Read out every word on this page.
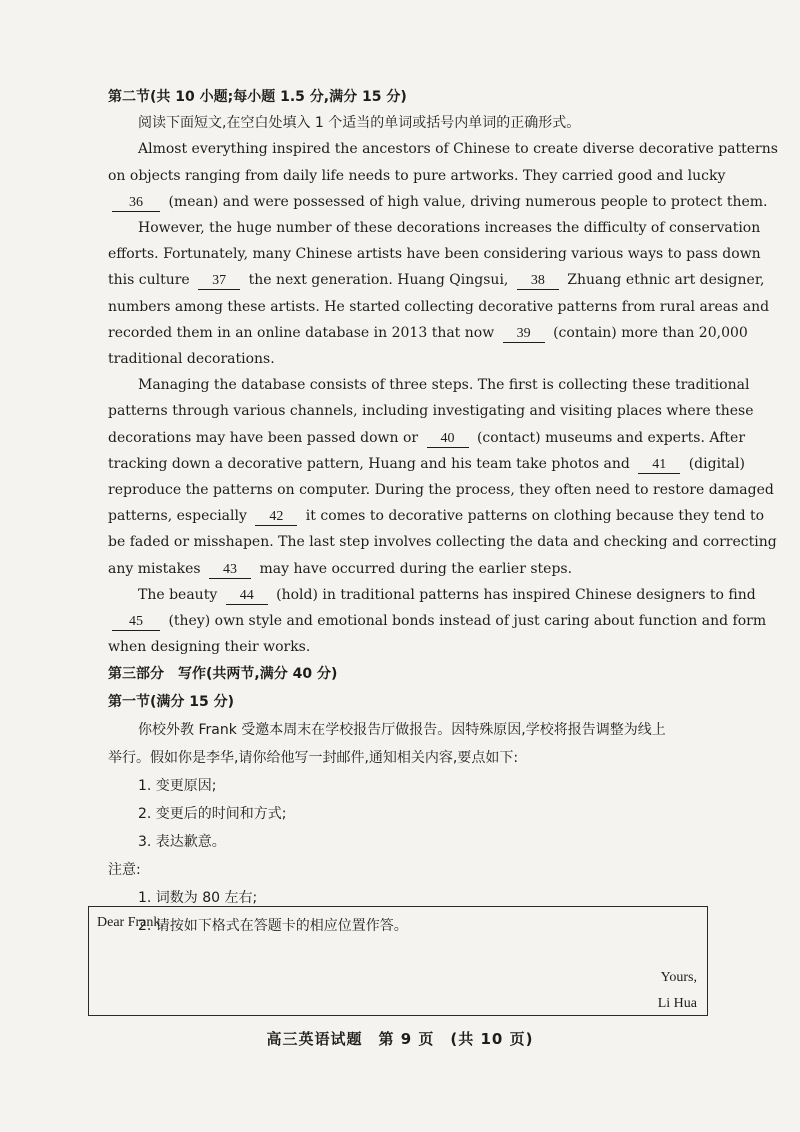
第二节(共 10 小题;每小题 1.5 分,满分 15 分)
阅读下面短文,在空白处填入 1 个适当的单词或括号内单词的正确形式。
Almost everything inspired the ancestors of Chinese to create diverse decorative patterns
on objects ranging from daily life needs to pure artworks. They carried good and lucky
36 (mean) and were possessed of high value, driving numerous people to protect them.
However, the huge number of these decorations increases the difficulty of conservation
efforts. Fortunately, many Chinese artists have been considering various ways to pass down
this culture 37 the next generation. Huang Qingsui, 38 Zhuang ethnic art designer,
numbers among these artists. He started collecting decorative patterns from rural areas and
recorded them in an online database in 2013 that now 39 (contain) more than 20,000
traditional decorations.
Managing the database consists of three steps. The first is collecting these traditional
patterns through various channels, including investigating and visiting places where these
decorations may have been passed down or 40 (contact) museums and experts. After
tracking down a decorative pattern, Huang and his team take photos and 41 (digital)
reproduce the patterns on computer. During the process, they often need to restore damaged
patterns, especially 42 it comes to decorative patterns on clothing because they tend to
be faded or misshapen. The last step involves collecting the data and checking and correcting
any mistakes 43 may have occurred during the earlier steps.
The beauty 44 (hold) in traditional patterns has inspired Chinese designers to find
45 (they) own style and emotional bonds instead of just caring about function and form
when designing their works.
第三部分　写作(共两节,满分 40 分)
第一节(满分 15 分)
你校外教 Frank 受邀本周末在学校报告厅做报告。因特殊原因,学校将报告调整为线上
举行。假如你是李华,请你给他写一封邮件,通知相关内容,要点如下:
1. 变更原因;
2. 变更后的时间和方式;
3. 表达歉意。
注意:
1. 词数为 80 左右;
2. 请按如下格式在答题卡的相应位置作答。
Dear Frank,
Yours,
Li Hua
高三英语试题　第 9 页　(共 10 页)
